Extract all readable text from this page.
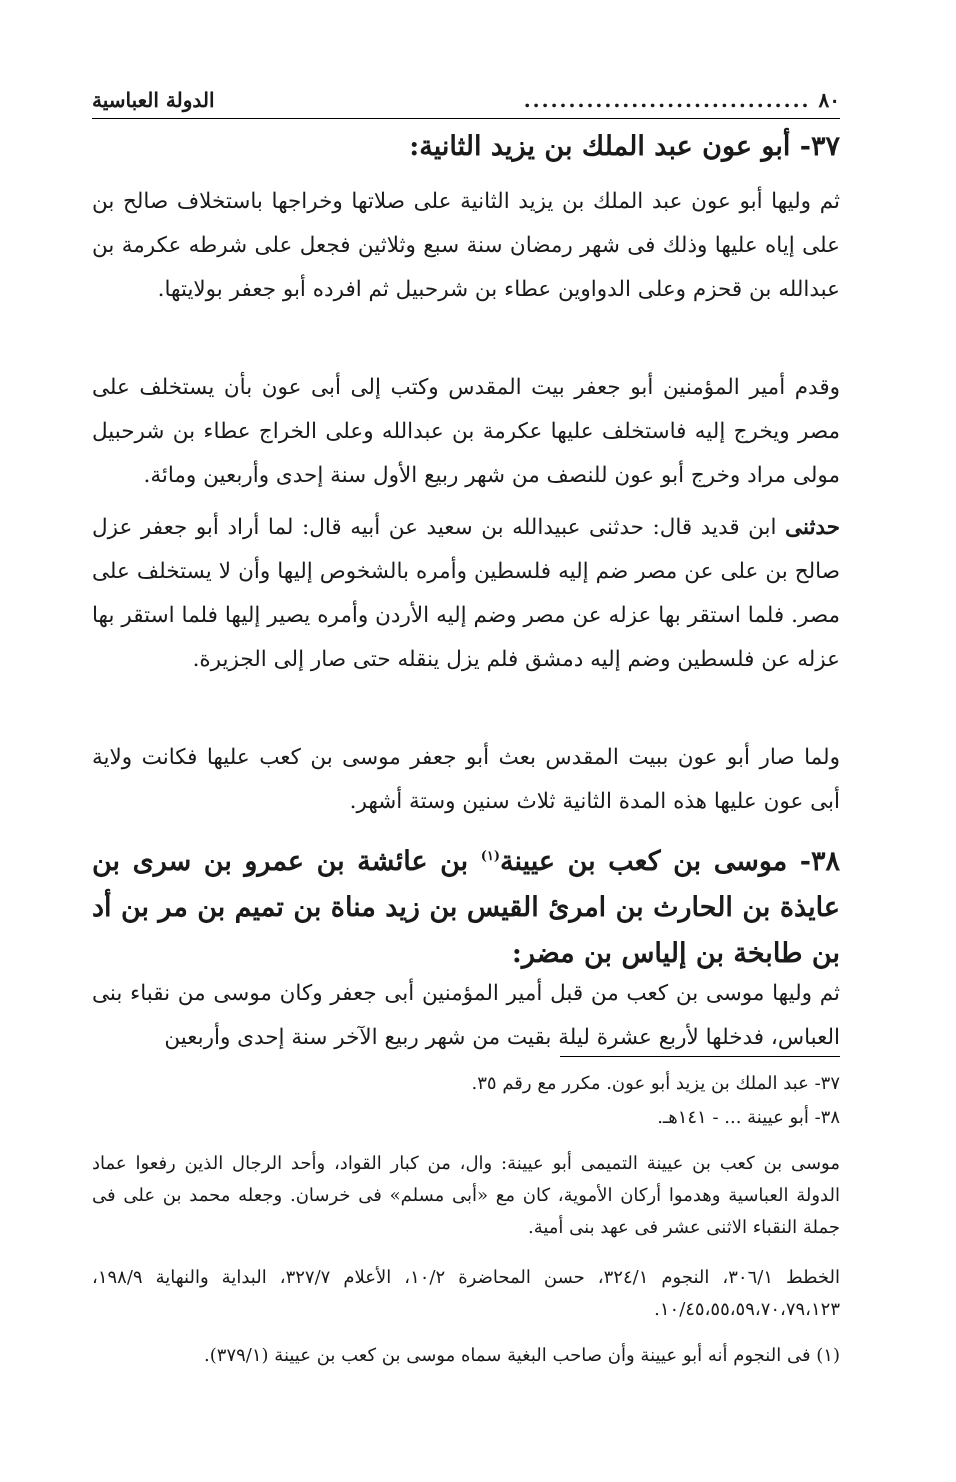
٨٠
................................
الدولة العباسية
٣٧- أبو عون عبد الملك بن يزيد الثانية:
ثم وليها أبو عون عبد الملك بن يزيد الثانية على صلاتها وخراجها باستخلاف صالح بن على إياه عليها وذلك فى شهر رمضان سنة سبع وثلاثين فجعل على شرطه عكرمة بن عبدالله بن قحزم وعلى الدواوين عطاء بن شرحبيل ثم افرده أبو جعفر بولايتها.
وقدم أمير المؤمنين أبو جعفر بيت المقدس وكتب إلى أبى عون بأن يستخلف على مصر ويخرج إليه فاستخلف عليها عكرمة بن عبدالله وعلى الخراج عطاء بن شرحبيل مولى مراد وخرج أبو عون للنصف من شهر ربيع الأول سنة إحدى وأربعين ومائة.
حدثنى ابن قديد قال: حدثنى عبيدالله بن سعيد عن أبيه قال: لما أراد أبو جعفر عزل صالح بن على عن مصر ضم إليه فلسطين وأمره بالشخوص إليها وأن لا يستخلف على مصر. فلما استقر بها عزله عن مصر وضم إليه الأردن وأمره يصير إليها فلما استقر بها عزله عن فلسطين وضم إليه دمشق فلم يزل ينقله حتى صار إلى الجزيرة.
ولما صار أبو عون ببيت المقدس بعث أبو جعفر موسى بن كعب عليها فكانت ولاية أبى عون عليها هذه المدة الثانية ثلاث سنين وستة أشهر.
٣٨- موسى بن كعب بن عيينة$^{(١)}$ بن عائشة بن عمرو بن سرى بن عايذة بن الحارث بن امرئ القيس بن زيد مناة بن تميم بن مر بن أد بن طابخة بن إلياس بن مضر:
ثم وليها موسى بن كعب من قبل أمير المؤمنين أبى جعفر وكان موسى من نقباء بنى العباس، فدخلها لأربع عشرة ليلة بقيت من شهر ربيع الآخر سنة إحدى وأربعين
٣٧- عبد الملك بن يزيد أبو عون. مكرر مع رقم ٣٥.
٣٨- أبو عيينة ... - ١٤١هـ.
موسى بن كعب بن عيينة التميمى أبو عيينة: وال، من كبار القواد، وأحد الرجال الذين رفعوا عماد الدولة العباسية وهدموا أركان الأموية، كان مع «أبى مسلم» فى خرسان. وجعله محمد بن على فى جملة النقباء الاثنى عشر فى عهد بنى أمية.
الخطط ٣٠٦/١، النجوم ٣٢٤/١، حسن المحاضرة ١٠/٢، الأعلام ٣٢٧/٧، البداية والنهاية ١٩٨/٩، ١٠/٤٥،٥٥،٥٩،٧٠،٧٩،١٢٣.
(١) فى النجوم أنه أبو عيينة وأن صاحب البغية سماه موسى بن كعب بن عيينة (٣٧٩/١).
